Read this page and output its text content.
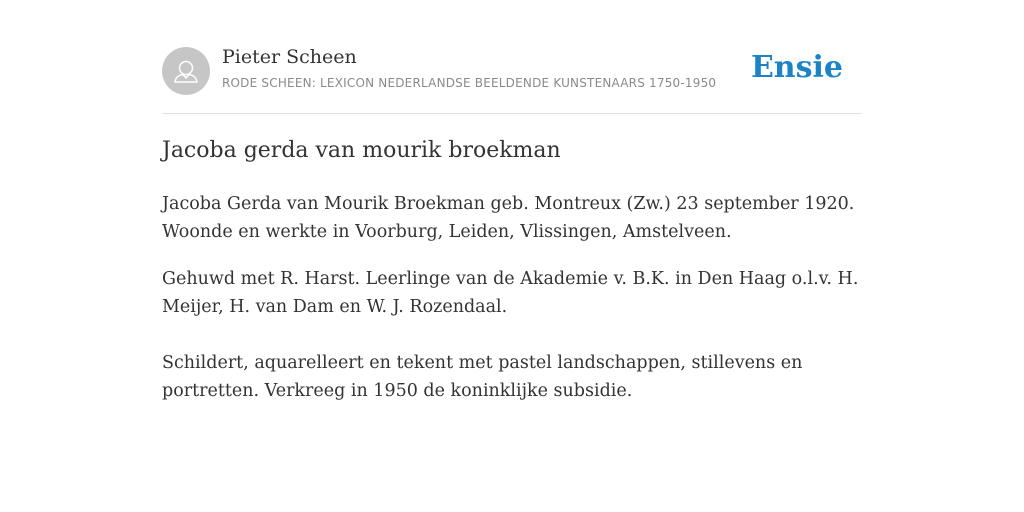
Pieter Scheen
RODE SCHEEN: LEXICON NEDERLANDSE BEELDENDE KUNSTENAARS 1750-1950 Ensie
Jacoba gerda van mourik broekman

Jacoba Gerda van Mourik Broekman geb. Montreux (Zw.) 23 september 1920. Woonde en werkte in Voorburg, Leiden, Vlissingen, Amstelveen.

Gehuwd met R. Harst. Leerlinge van de Akademie v. B.K. in Den Haag o.l.v. H. Meijer, H. van Dam en W. J. Rozendaal.

Schildert, aquarelleert en tekent met pastel landschappen, stillevens en portretten. Verkreeg in 1950 de koninklijke subsidie.
